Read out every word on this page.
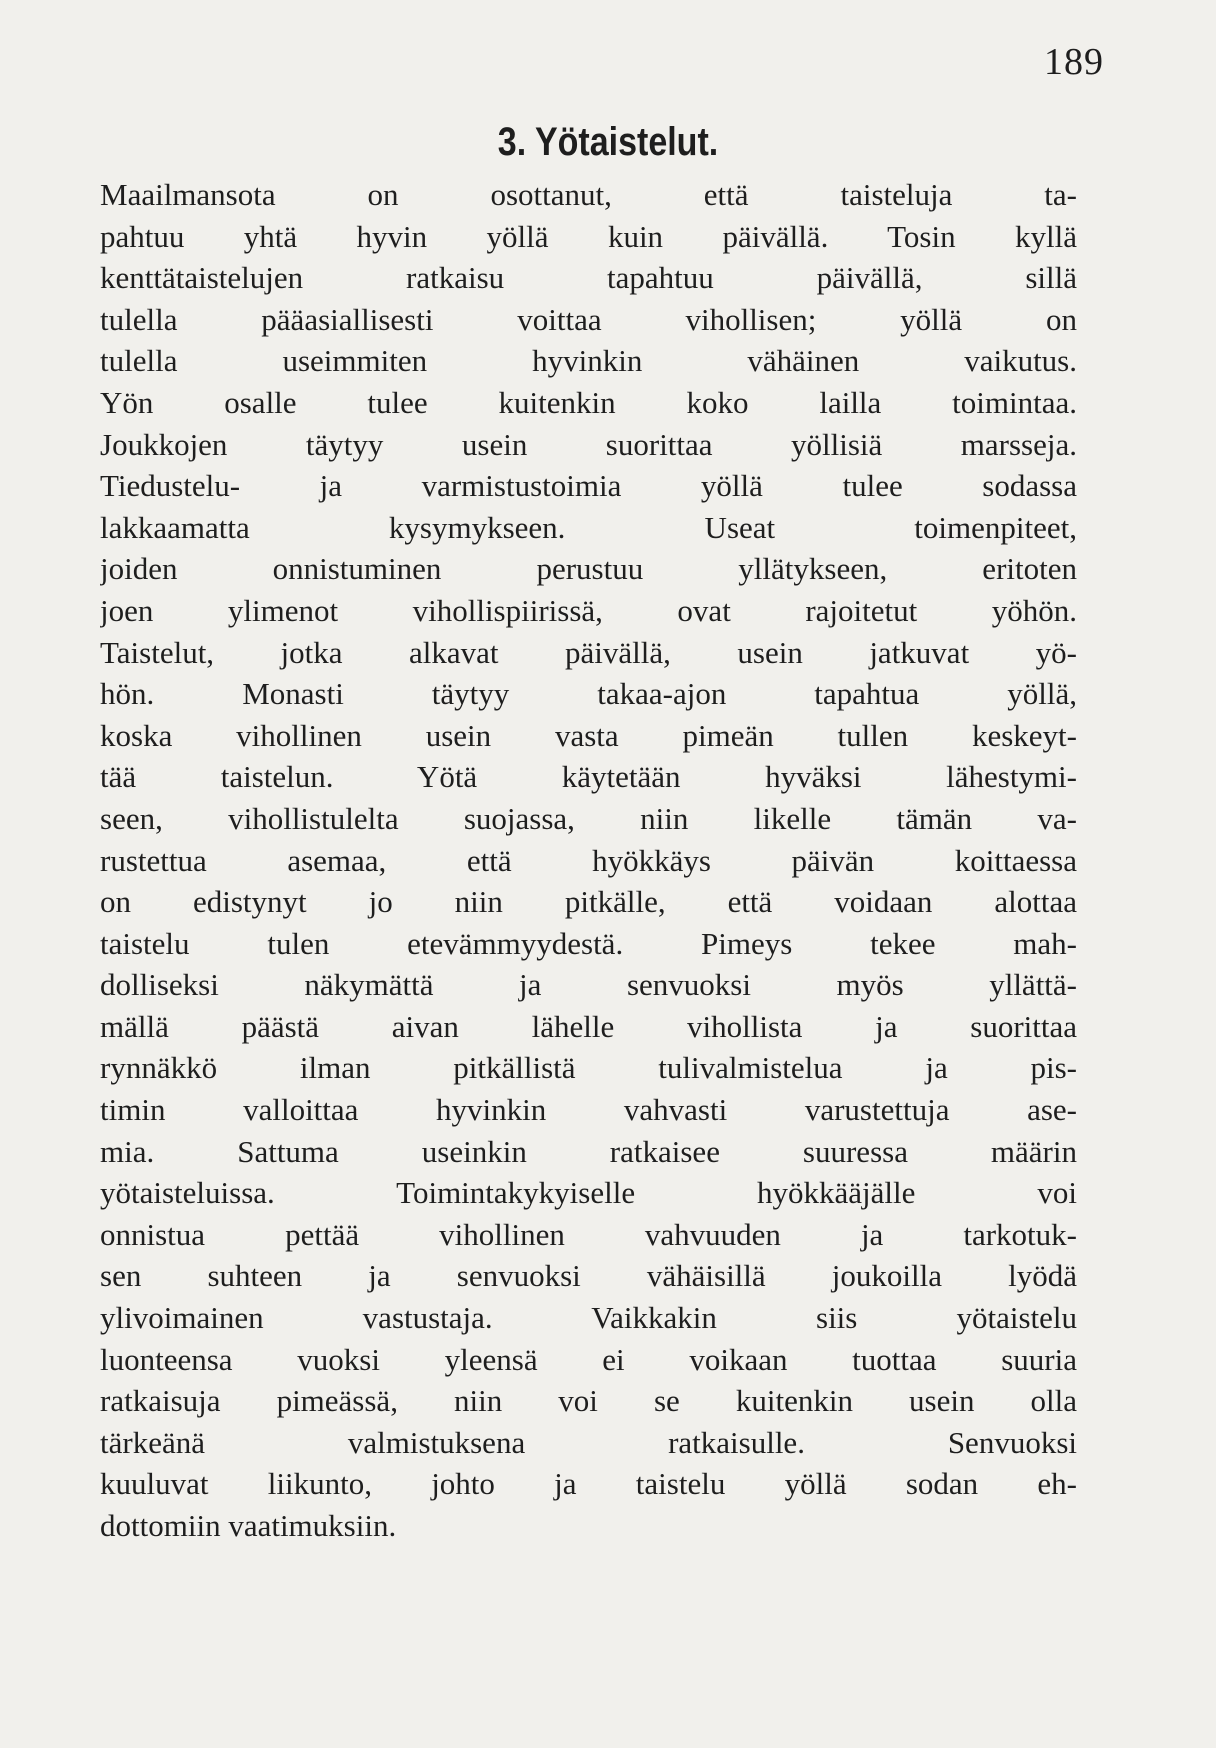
189
3. Yötaistelut.
Maailmansota on osottanut, että taisteluja ta-
pahtuu yhtä hyvin yöllä kuin päivällä. Tosin kyllä
kenttätaistelujen ratkaisu tapahtuu päivällä, sillä
tulella pääasiallisesti voittaa vihollisen; yöllä on
tulella useimmiten hyvinkin vähäinen vaikutus.
Yön osalle tulee kuitenkin koko lailla toimintaa.
Joukkojen täytyy usein suorittaa yöllisiä marsseja.
Tiedustelu- ja varmistustoimia yöllä tulee sodassa
lakkaamatta kysymykseen. Useat toimenpiteet,
joiden onnistuminen perustuu yllätykseen, eritoten
joen ylimenot vihollispiirissä, ovat rajoitetut yöhön.
Taistelut, jotka alkavat päivällä, usein jatkuvat yö-
hön. Monasti täytyy takaa-ajon tapahtua yöllä,
koska vihollinen usein vasta pimeän tullen keskeyt-
tää taistelun. Yötä käytetään hyväksi lähestymi-
seen, vihollistulelta suojassa, niin likelle tämän va-
rustettua asemaa, että hyökkäys päivän koittaessa
on edistynyt jo niin pitkälle, että voidaan alottaa
taistelu tulen etevämmyydestä. Pimeys tekee mah-
dolliseksi näkymättä ja senvuoksi myös yllättä-
mällä päästä aivan lähelle vihollista ja suorittaa
rynnäkkö ilman pitkällistä tulivalmistelua ja pis-
timin valloittaa hyvinkin vahvasti varustettuja ase-
mia. Sattuma useinkin ratkaisee suuressa määrin
yötaisteluissa. Toimintakykyiselle hyökkääjälle voi
onnistua pettää vihollinen vahvuuden ja tarkotuk-
sen suhteen ja senvuoksi vähäisillä joukoilla lyödä
ylivoimainen vastustaja. Vaikkakin siis yötaistelu
luonteensa vuoksi yleensä ei voikaan tuottaa suuria
ratkaisuja pimeässä, niin voi se kuitenkin usein olla
tärkeänä valmistuksena ratkaisulle. Senvuoksi
kuuluvat liikunto, johto ja taistelu yöllä sodan eh-
dottomiin vaatimuksiin.
